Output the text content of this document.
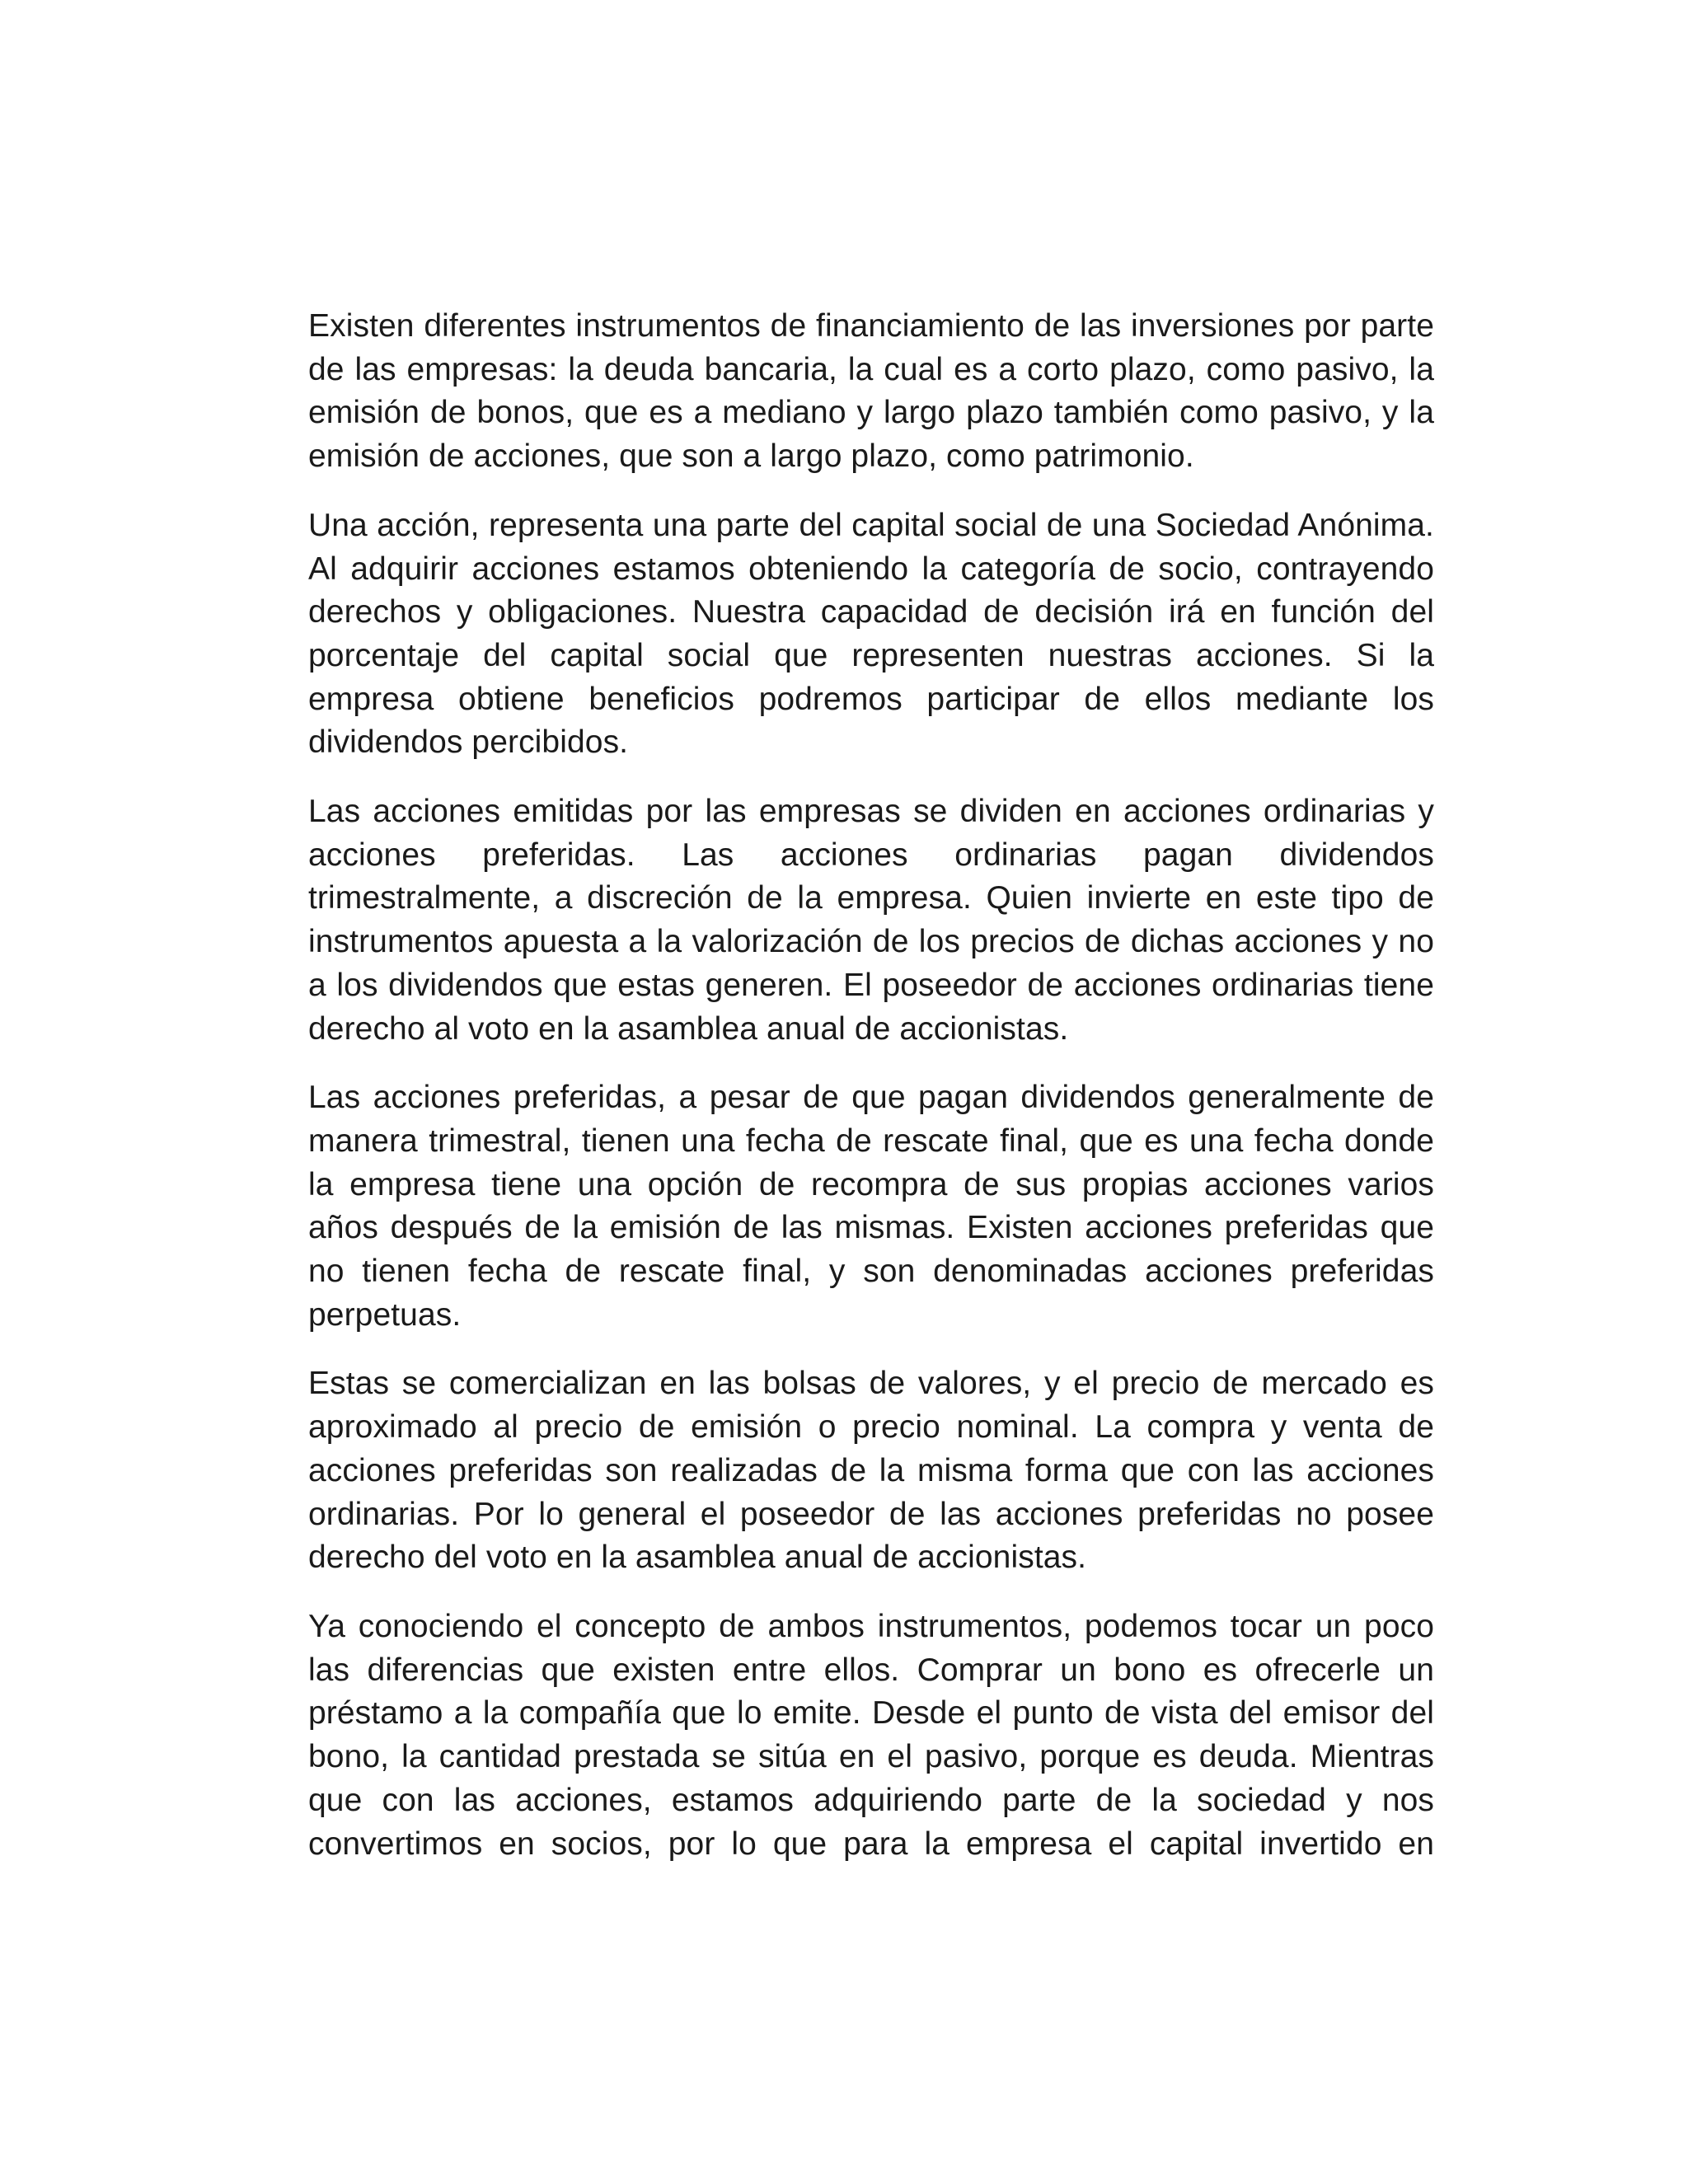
Existen diferentes instrumentos de financiamiento de las inversiones por parte de las empresas: la deuda bancaria, la cual es a corto plazo, como pasivo, la emisión de bonos, que es a mediano y largo plazo también como pasivo, y la emisión de acciones, que son a largo plazo, como patrimonio.

Una acción, representa una parte del capital social de una Sociedad Anónima. Al adquirir acciones estamos obteniendo la categoría de socio, contrayendo derechos y obligaciones. Nuestra capacidad de decisión irá en función del porcentaje del capital social que representen nuestras acciones. Si la empresa obtiene beneficios podremos participar de ellos mediante los dividendos percibidos.

Las acciones emitidas por las empresas se dividen en acciones ordinarias y acciones preferidas. Las acciones ordinarias pagan dividendos trimestralmente, a discreción de la empresa. Quien invierte en este tipo de instrumentos apuesta a la valorización de los precios de dichas acciones y no a los dividendos que estas generen. El poseedor de acciones ordinarias tiene derecho al voto en la asamblea anual de accionistas.

Las acciones preferidas, a pesar de que pagan dividendos generalmente de manera trimestral, tienen una fecha de rescate final, que es una fecha donde la empresa tiene una opción de recompra de sus propias acciones varios años después de la emisión de las mismas. Existen acciones preferidas que no tienen fecha de rescate final, y son denominadas acciones preferidas perpetuas.

Estas se comercializan en las bolsas de valores, y el precio de mercado es aproximado al precio de emisión o precio nominal. La compra y venta de acciones preferidas son realizadas de la misma forma que con las acciones ordinarias. Por lo general el poseedor de las acciones preferidas no posee derecho del voto en la asamblea anual de accionistas.

Ya conociendo el concepto de ambos instrumentos, podemos tocar un poco las diferencias que existen entre ellos. Comprar un bono es ofrecerle un préstamo a la compañía que lo emite. Desde el punto de vista del emisor del bono, la cantidad prestada se sitúa en el pasivo, porque es deuda. Mientras que con las acciones, estamos adquiriendo parte de la sociedad y nos convertimos en socios, por lo que para la empresa el capital invertido en
